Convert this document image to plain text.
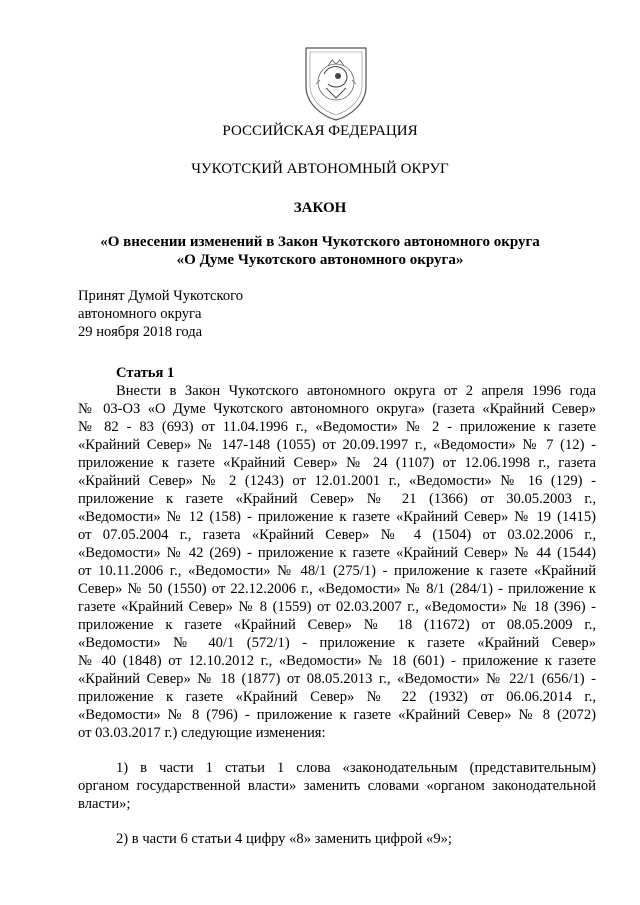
РОССИЙСКАЯ ФЕДЕРАЦИЯ
ЧУКОТСКИЙ АВТОНОМНЫЙ ОКРУГ
ЗАКОН
«О внесении изменений в Закон Чукотского автономного округа
«О Думе Чукотского автономного округа»
Принят Думой Чукотского
автономного округа
29 ноября 2018 года
Статья 1
Внести в Закон Чукотского автономного округа от 2 апреля 1996 года
№ 03-ОЗ «О Думе Чукотского автономного округа» (газета «Крайний Север»
№ 82 - 83 (693) от 11.04.1996 г., «Ведомости» № 2 - приложение к газете
«Крайний Север» № 147-148 (1055) от 20.09.1997 г., «Ведомости» № 7 (12) -
приложение к газете «Крайний Север» № 24 (1107) от 12.06.1998 г., газета
«Крайний Север» № 2 (1243) от 12.01.2001 г., «Ведомости» № 16 (129) -
приложение к газете «Крайний Север» № 21 (1366) от 30.05.2003 г.,
«Ведомости» № 12 (158) - приложение к газете «Крайний Север» № 19 (1415)
от 07.05.2004 г., газета «Крайний Север» № 4 (1504) от 03.02.2006 г.,
«Ведомости» № 42 (269) - приложение к газете «Крайний Север» № 44 (1544)
от 10.11.2006 г., «Ведомости» № 48/1 (275/1) - приложение к газете «Крайний
Север» № 50 (1550) от 22.12.2006 г., «Ведомости» № 8/1 (284/1) - приложение к
газете «Крайний Север» № 8 (1559) от 02.03.2007 г., «Ведомости» № 18 (396) -
приложение к газете «Крайний Север» № 18 (11672) от 08.05.2009 г.,
«Ведомости» № 40/1 (572/1) - приложение к газете «Крайний Север»
№ 40 (1848) от 12.10.2012 г., «Ведомости» № 18 (601) - приложение к газете
«Крайний Север» № 18 (1877) от 08.05.2013 г., «Ведомости» № 22/1 (656/1) -
приложение к газете «Крайний Север» № 22 (1932) от 06.06.2014 г.,
«Ведомости» № 8 (796) - приложение к газете «Крайний Север» № 8 (2072)
от 03.03.2017 г.) следующие изменения:
1) в части 1 статьи 1 слова «законодательным (представительным)
органом государственной власти» заменить словами «органом законодательной
власти»;
2) в части 6 статьи 4 цифру «8» заменить цифрой «9»;
